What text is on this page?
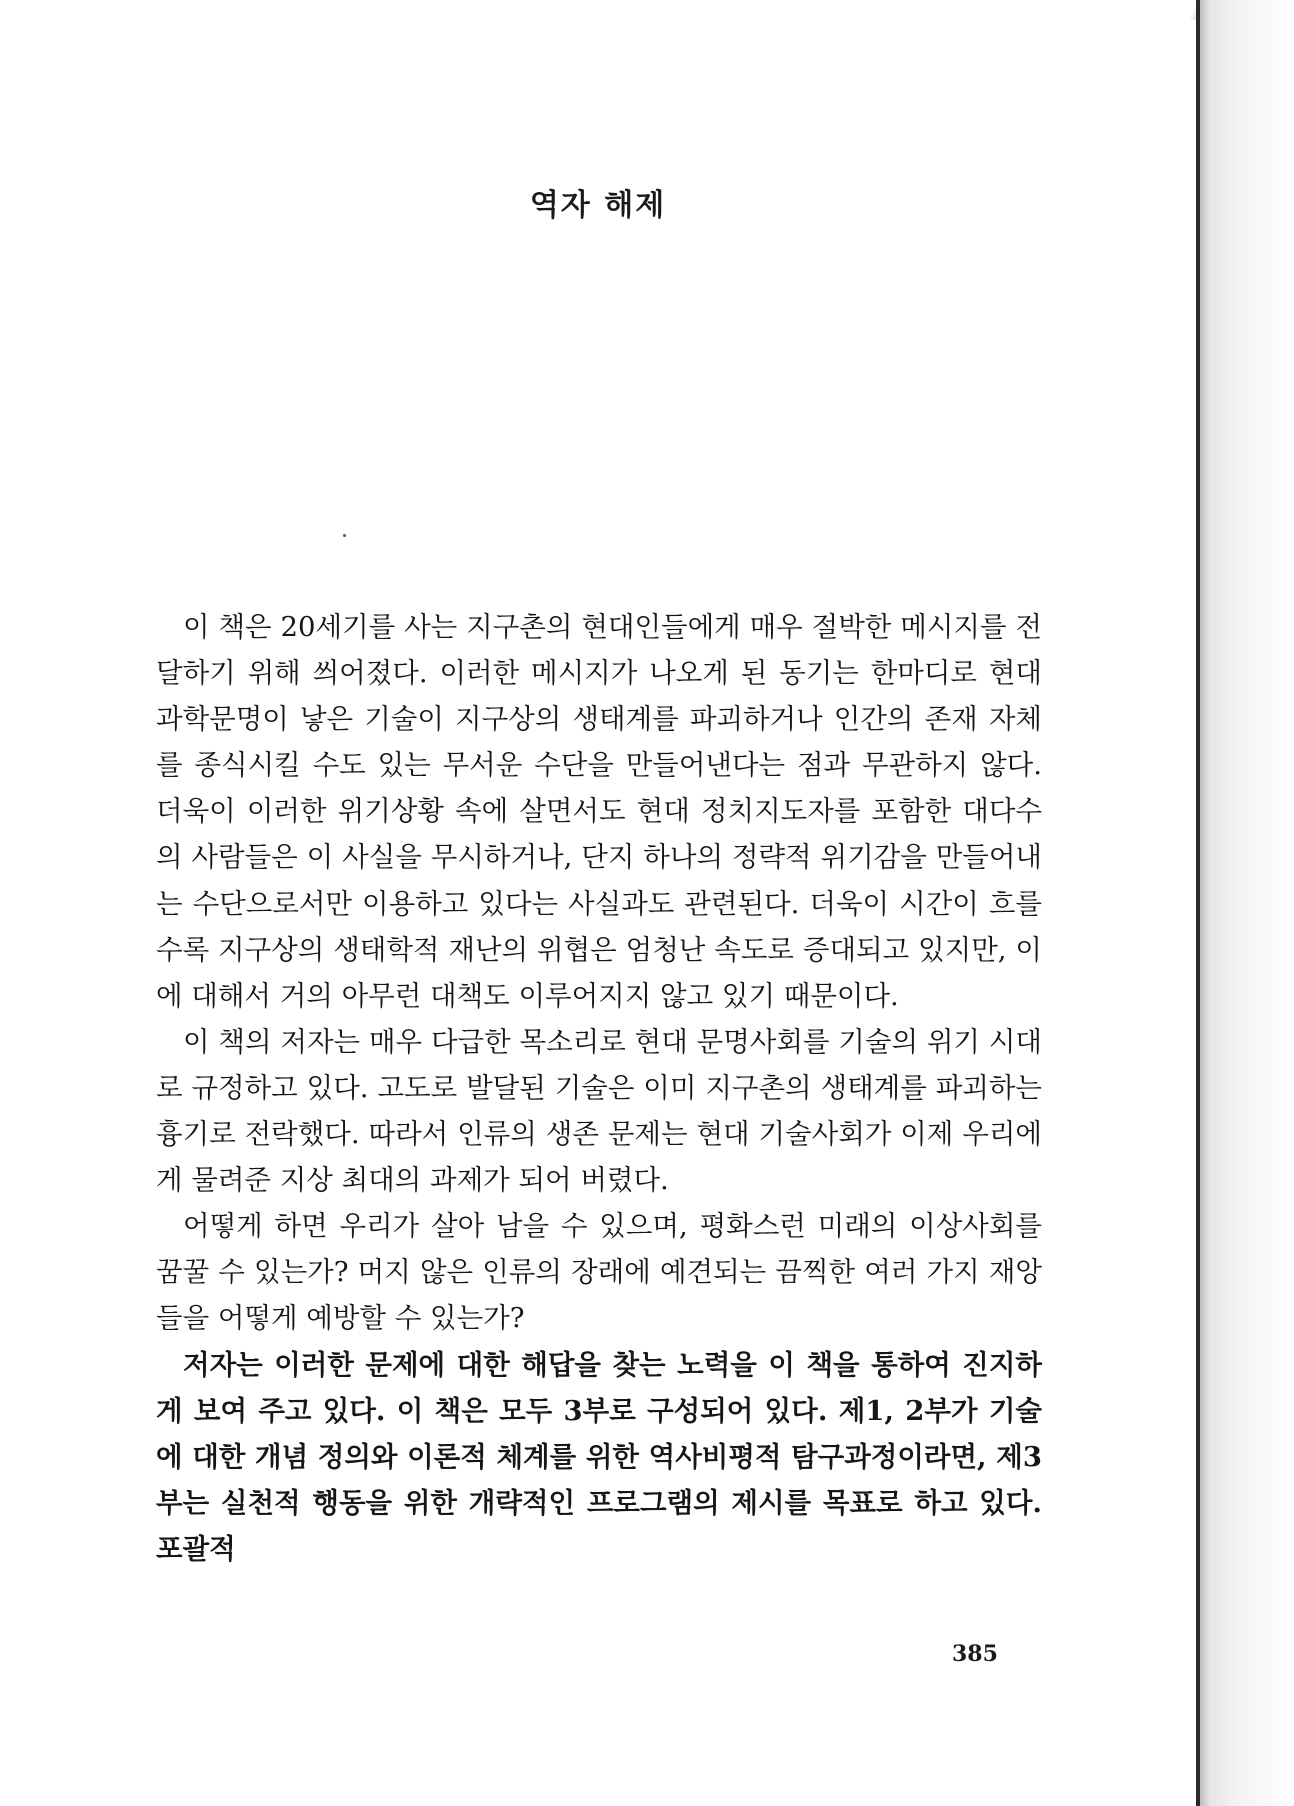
역자 해제

이 책은 20세기를 사는 지구촌의 현대인들에게 매우 절박한 메시지를 전달하기 위해 씌어졌다. 이러한 메시지가 나오게 된 동기는 한마디로 현대 과학문명이 낳은 기술이 지구상의 생태계를 파괴하거나 인간의 존재 자체를 종식시킬 수도 있는 무서운 수단을 만들어낸다는 점과 무관하지 않다. 더욱이 이러한 위기상황 속에 살면서도 현대 정치지도자를 포함한 대다수의 사람들은 이 사실을 무시하거나, 단지 하나의 정략적 위기감을 만들어내는 수단으로서만 이용하고 있다는 사실과도 관련된다. 더욱이 시간이 흐를수록 지구상의 생태학적 재난의 위협은 엄청난 속도로 증대되고 있지만, 이에 대해서 거의 아무런 대책도 이루어지지 않고 있기 때문이다.

이 책의 저자는 매우 다급한 목소리로 현대 문명사회를 기술의 위기 시대로 규정하고 있다. 고도로 발달된 기술은 이미 지구촌의 생태계를 파괴하는 흉기로 전락했다. 따라서 인류의 생존 문제는 현대 기술사회가 이제 우리에게 물려준 지상 최대의 과제가 되어 버렸다.

어떻게 하면 우리가 살아 남을 수 있으며, 평화스런 미래의 이상사회를 꿈꿀 수 있는가? 머지 않은 인류의 장래에 예견되는 끔찍한 여러 가지 재앙들을 어떻게 예방할 수 있는가?

저자는 이러한 문제에 대한 해답을 찾는 노력을 이 책을 통하여 진지하게 보여 주고 있다. 이 책은 모두 3부로 구성되어 있다. 제1, 2부가 기술에 대한 개념 정의와 이론적 체계를 위한 역사비평적 탐구과정이라면, 제3부는 실천적 행동을 위한 개략적인 프로그램의 제시를 목표로 하고 있다. 포괄적

385
